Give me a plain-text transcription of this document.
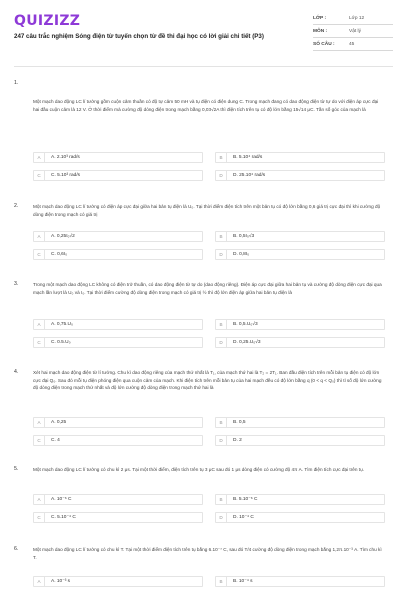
QUIZIZZ
247 câu trắc nghiệm Sóng điện từ tuyến chọn từ đề thi đại học có lời giải chi tiết (P3)
LỚP :	Lớp 12
MÔN :	Vật lý
SỐ CÂU :	45
1.
Một mạch dao động LC lí tưởng gồm cuộn cảm thuần có độ tự cảm 50 mH và tụ điện có điện dung C. Trong mạch đang có dao động điện từ tự do với điện áp cực đại hai đầu cuộn cảm là 12 V. Ở thời điểm mà cường độ dòng điện trong mạch bằng 0,03√2A thì điện tích trên tụ có độ lớn bằng 15√14 μC. Tần số góc của mạch là
A	A. 2.10³ rad/s	B	B. 5.10⁴ rad/s
C	C. 5.10³ rad/s	D	D. 25.10⁴ rad/s
2.	Một mạch dao động LC lí tưởng có điện áp cực đại giữa hai bản tụ điện là U₀. Tại thời điểm điện tích trên một bản tụ có độ lớn bằng 0,6 giá trị cực đại thì khi cường độ dòng điện trong mạch có giá trị
A	A. 0,25I₀√2	B	B. 0,5I₀√3
C	C. 0,6I₀	D	D. 0,8I₀
3.	Trong một mạch dao động LC không có điện trở thuần, có dao động điện từ tự do (dao động riêng). Điện áp cực đại giữa hai bản tụ và cường độ dòng điện cực đại qua mạch lần lượt là U₀ và I₀. Tại thời điểm cường độ dòng điện trong mạch có giá trị ½ thì độ lớn điện áp giữa hai bản tụ điện là
A	A. 0,75.U₀	B	B. 0,5.U₀√3
C	C. 0.5.U₀	D	D. 0,25.U₀√3
4.	Xét hai mạch dao động điện từ lí tưởng. Chu kì dao động riêng của mạch thứ nhất là T₁, của mạch thứ hai là T₂ = 2T₁. Ban đầu điện tích trên mỗi bản tụ điện có độ lớn cực đại Q₀. Sau đó mỗi tụ điện phóng điện qua cuộn cảm của mạch. Khi điện tích trên mỗi bản tụ của hai mạch đều có độ lớn bằng q (0 < q < Q₀) thì tỉ số độ lớn cường độ dòng điện trong mạch thứ nhất và độ lớn cường độ dòng điện trong mạch thứ hai là
A	A. 0,25	B	B. 0,5
C	C. 4	D	D. 2
5.	Một mạch dao động LC lí tưởng có chu kì 2 μs. Tại một thời điểm, điện tích trên tụ 3 μC sau đó 1 μs dòng điện có cường độ 4π A. Tìm điện tích cực đại trên tụ.
A	A. 10⁻⁶ C	B	B. 5.10⁻⁶ C
C	C. 5.10⁻⁴ C	D	D. 10⁻⁴ C
6.	Một mạch dao động LC lí tưởng có chu kì T. Tại một thời điểm điện tích trên tụ bằng 6.10⁻⁷ C, sau đó T/4 cường độ dòng điện trong mạch bằng 1,2π.10⁻³ A. Tìm chu kì T.
A	A. 10⁻³ s	B	B. 10⁻⁴ s
